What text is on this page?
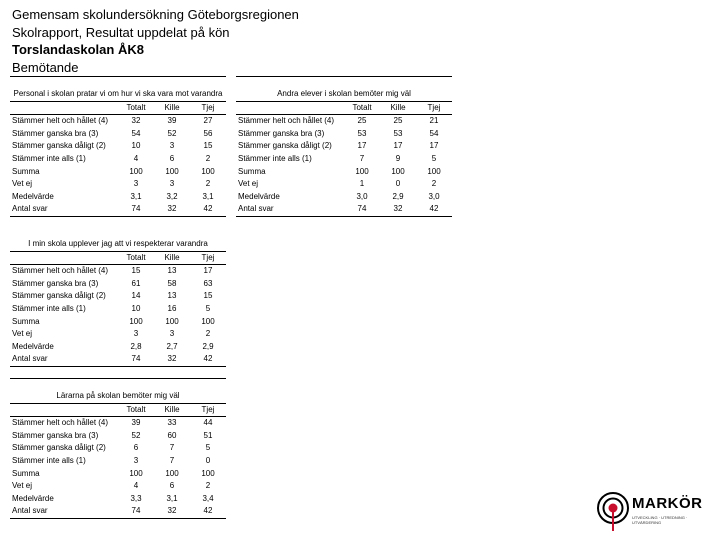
Gemensam skolundersökning Göteborgsregionen
Skolrapport, Resultat uppdelat på kön
Torslandaskolan ÅK8
Bemötande
Personal i skolan pratar vi om hur vi ska vara mot varandra			
	Totalt	Kille	Tjej
Stämmer helt och hållet (4)	32	39	27
Stämmer ganska bra (3)	54	52	56
Stämmer ganska dåligt (2)	10	3	15
Stämmer inte alls (1)	4	6	2
Summa	100	100	100
Vet ej	3	3	2
Medelvärde	3,1	3,2	3,1
Antal svar	74	32	42
Andra elever i skolan bemöter mig väl			
	Totalt	Kille	Tjej
Stämmer helt och hållet (4)	25	25	21
Stämmer ganska bra (3)	53	53	54
Stämmer ganska dåligt (2)	17	17	17
Stämmer inte alls (1)	7	9	5
Summa	100	100	100
Vet ej	1	0	2
Medelvärde	3,0	2,9	3,0
Antal svar	74	32	42
I min skola upplever jag att vi respekterar varandra			
	Totalt	Kille	Tjej
Stämmer helt och hållet (4)	15	13	17
Stämmer ganska bra (3)	61	58	63
Stämmer ganska dåligt (2)	14	13	15
Stämmer inte alls (1)	10	16	5
Summa	100	100	100
Vet ej	3	3	2
Medelvärde	2,8	2,7	2,9
Antal svar	74	32	42
Lärarna på skolan bemöter mig väl			
	Totalt	Kille	Tjej
Stämmer helt och hållet (4)	39	33	44
Stämmer ganska bra (3)	52	60	51
Stämmer ganska dåligt (2)	6	7	5
Stämmer inte alls (1)	3	7	0
Summa	100	100	100
Vet ej	4	6	2
Medelvärde	3,3	3,1	3,4
Antal svar	74	32	42	MARKÖR
UTVECKLING · UTREDNING · UTVÄRDERING
